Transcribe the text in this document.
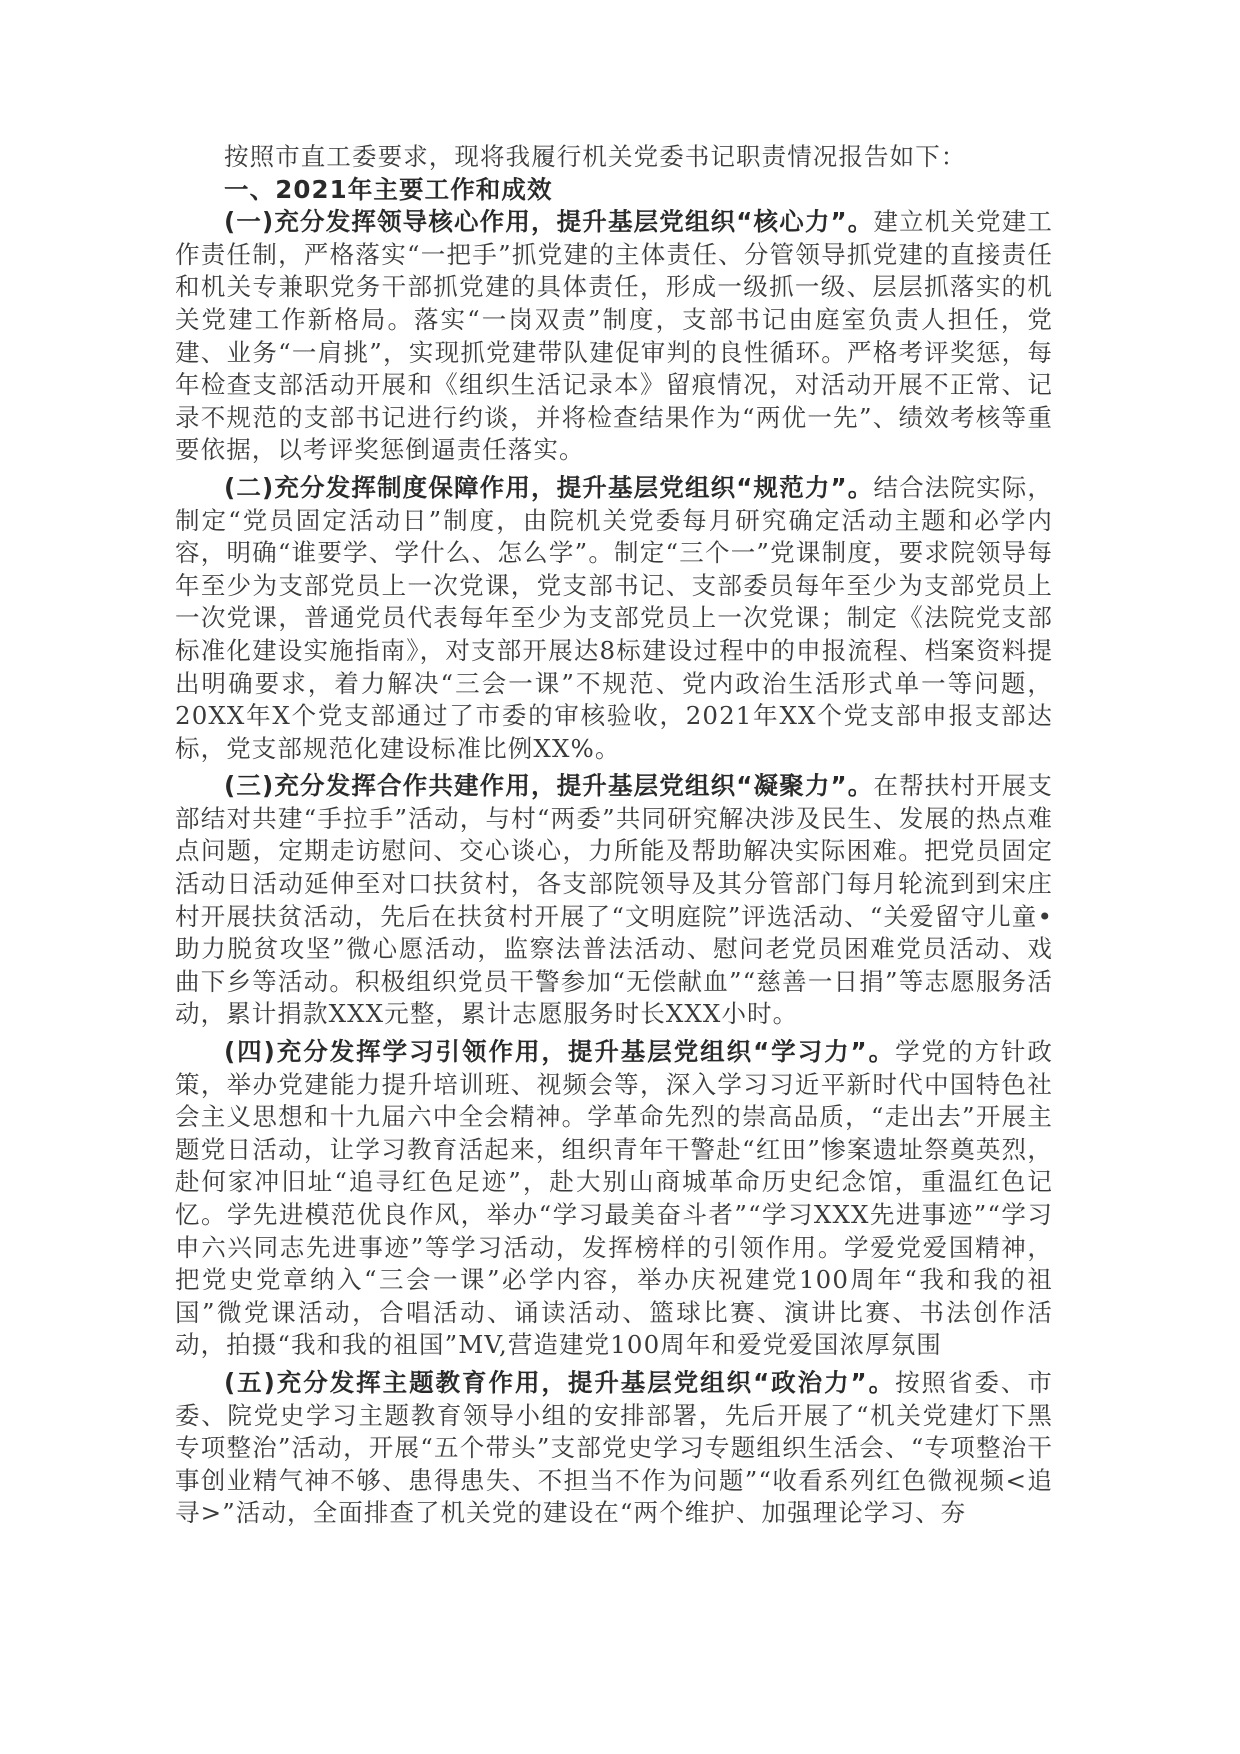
按照市直工委要求，现将我履行机关党委书记职责情况报告如下：

一、2021年主要工作和成效

(一)充分发挥领导核心作用，提升基层党组织“核心力”。建立机关党建工作责任制，严格落实“一把手”抓党建的主体责任、分管领导抓党建的直接责任和机关专兼职党务干部抓党建的具体责任，形成一级抓一级、层层抓落实的机关党建工作新格局。落实“一岗双责”制度，支部书记由庭室负责人担任，党建、业务“一肩挑”，实现抓党建带队建促审判的良性循环。严格考评奖惩，每年检查支部活动开展和《组织生活记录本》留痕情况，对活动开展不正常、记录不规范的支部书记进行约谈，并将检查结果作为“两优一先”、绩效考核等重要依据，以考评奖惩倒逼责任落实。

(二)充分发挥制度保障作用，提升基层党组织“规范力”。结合法院实际，制定“党员固定活动日”制度，由院机关党委每月研究确定活动主题和必学内容，明确“谁要学、学什么、怎么学”。制定“三个一”党课制度，要求院领导每年至少为支部党员上一次党课，党支部书记、支部委员每年至少为支部党员上一次党课，普通党员代表每年至少为支部党员上一次党课；制定《法院党支部标准化建设实施指南》，对支部开展达8标建设过程中的申报流程、档案资料提出明确要求，着力解决“三会一课”不规范、党内政治生活形式单一等问题，20XX年X个党支部通过了市委的审核验收，2021年XX个党支部申报支部达标，党支部规范化建设标准比例XX%。

(三)充分发挥合作共建作用，提升基层党组织“凝聚力”。在帮扶村开展支部结对共建“手拉手”活动，与村“两委”共同研究解决涉及民生、发展的热点难点问题，定期走访慰问、交心谈心，力所能及帮助解决实际困难。把党员固定活动日活动延伸至对口扶贫村，各支部院领导及其分管部门每月轮流到到宋庄村开展扶贫活动，先后在扶贫村开展了“文明庭院”评选活动、“关爱留守儿童•助力脱贫攻坚”微心愿活动，监察法普法活动、慰问老党员困难党员活动、戏曲下乡等活动。积极组织党员干警参加“无偿献血”“慈善一日捐”等志愿服务活动，累计捐款XXX元整，累计志愿服务时长XXX小时。

(四)充分发挥学习引领作用，提升基层党组织“学习力”。学党的方针政策，举办党建能力提升培训班、视频会等，深入学习习近平新时代中国特色社会主义思想和十九届六中全会精神。学革命先烈的崇高品质，“走出去”开展主题党日活动，让学习教育活起来，组织青年干警赴“红田”惨案遗址祭奠英烈，赴何家冲旧址“追寻红色足迹”，赴大别山商城革命历史纪念馆，重温红色记忆。学先进模范优良作风，举办“学习最美奋斗者”“学习XXX先进事迹”“学习申六兴同志先进事迹”等学习活动，发挥榜样的引领作用。学爱党爱国精神，把党史党章纳入“三会一课”必学内容，举办庆祝建党100周年“我和我的祖国”微党课活动，合唱活动、诵读活动、篮球比赛、演讲比赛、书法创作活动，拍摄“我和我的祖国”MV,营造建党100周年和爱党爱国浓厚氛围

(五)充分发挥主题教育作用，提升基层党组织“政治力”。按照省委、市委、院党史学习主题教育领导小组的安排部署，先后开展了“机关党建灯下黑专项整治”活动，开展“五个带头”支部党史学习专题组织生活会、“专项整治干事创业精气神不够、患得患失、不担当不作为问题”“收看系列红色微视频<追寻>”活动，全面排查了机关党的建设在“两个维护、加强理论学习、夯
